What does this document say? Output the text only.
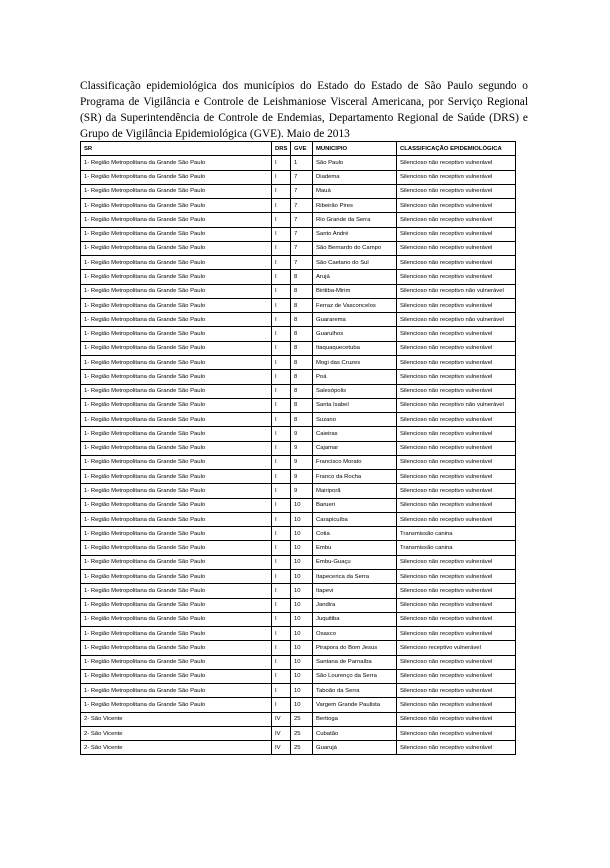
Classificação epidemiológica dos municípios do Estado do Estado de São Paulo segundo o Programa de Vigilância e Controle de Leishmaniose Visceral Americana, por Serviço Regional (SR) da Superintendência de Controle de Endemias, Departamento Regional de Saúde (DRS) e Grupo de Vigilância Epidemiológica (GVE). Maio de 2013

SR	DRS	GVE	MUNICIPIO	CLASSIFICAÇÃO EPIDEMIOLÓGICA
1- Região Metropolitana da Grande São Paulo	I	1	São Paulo	Silencioso não receptivo vulnerável
1- Região Metropolitana da Grande São Paulo	I	7	Diadema	Silencioso não receptivo vulnerável
1- Região Metropolitana da Grande São Paulo	I	7	Mauá	Silencioso não receptivo vulnerável
1- Região Metropolitana da Grande São Paulo	I	7	Ribeirão Pires	Silencioso não receptivo vulnerável
1- Região Metropolitana da Grande São Paulo	I	7	Rio Grande da Serra	Silencioso não receptivo vulnerável
1- Região Metropolitana da Grande São Paulo	I	7	Santo André	Silencioso não receptivo vulnerável
1- Região Metropolitana da Grande São Paulo	I	7	São Bernardo do Campo	Silencioso não receptivo vulnerável
1- Região Metropolitana da Grande São Paulo	I	7	São Caetano do Sul	Silencioso não receptivo vulnerável
1- Região Metropolitana da Grande São Paulo	I	8	Arujá	Silencioso não receptivo vulnerável
1- Região Metropolitana da Grande São Paulo	I	8	Biritiba-Mirim	Silencioso não receptivo não vulnerável
1- Região Metropolitana da Grande São Paulo	I	8	Ferraz de Vasconcelos	Silencioso não receptivo vulnerável
1- Região Metropolitana da Grande São Paulo	I	8	Guararema	Silencioso não receptivo não vulnerável
1- Região Metropolitana da Grande São Paulo	I	8	Guarulhos	Silencioso não receptivo vulnerável
1- Região Metropolitana da Grande São Paulo	I	8	Itaquaquecetuba	Silencioso não receptivo vulnerável
1- Região Metropolitana da Grande São Paulo	I	8	Mogi das Cruzes	Silencioso não receptivo vulnerável
1- Região Metropolitana da Grande São Paulo	I	8	Poá	Silencioso não receptivo vulnerável
1- Região Metropolitana da Grande São Paulo	I	8	Salesópolis	Silencioso não receptivo vulnerável
1- Região Metropolitana da Grande São Paulo	I	8	Santa Isabel	Silencioso não receptivo não vulnerável
1- Região Metropolitana da Grande São Paulo	I	8	Suzano	Silencioso não receptivo vulnerável
1- Região Metropolitana da Grande São Paulo	I	9	Caieiras	Silencioso não receptivo vulnerável
1- Região Metropolitana da Grande São Paulo	I	9	Cajamar	Silencioso não receptivo vulnerável
1- Região Metropolitana da Grande São Paulo	I	9	Francisco Morato	Silencioso não receptivo vulnerável
1- Região Metropolitana da Grande São Paulo	I	9	Franco da Rocha	Silencioso não receptivo vulnerável
1- Região Metropolitana da Grande São Paulo	I	9	Mairiporã	Silencioso não receptivo vulnerável
1- Região Metropolitana da Grande São Paulo	I	10	Barueri	Silencioso não receptivo vulnerável
1- Região Metropolitana da Grande São Paulo	I	10	Carapicuíba	Silencioso não receptivo vulnerável
1- Região Metropolitana da Grande São Paulo	I	10	Cotia	Transmissão canina
1- Região Metropolitana da Grande São Paulo	I	10	Embu	Transmissão canina
1- Região Metropolitana da Grande São Paulo	I	10	Embu-Guaçu	Silencioso não receptivo vulnerável
1- Região Metropolitana da Grande São Paulo	I	10	Itapecerica da Serra	Silencioso não receptivo vulnerável
1- Região Metropolitana da Grande São Paulo	I	10	Itapevi	Silencioso não receptivo vulnerável
1- Região Metropolitana da Grande São Paulo	I	10	Jandira	Silencioso não receptivo vulnerável
1- Região Metropolitana da Grande São Paulo	I	10	Juquitiba	Silencioso não receptivo vulnerável
1- Região Metropolitana da Grande São Paulo	I	10	Osasco	Silencioso não receptivo vulnerável
1- Região Metropolitana da Grande São Paulo	I	10	Pirapora do Bom Jesus	Silencioso receptivo vulnerável
1- Região Metropolitana da Grande São Paulo	I	10	Santana de Parnaíba	Silencioso não receptivo vulnerável
1- Região Metropolitana da Grande São Paulo	I	10	São Lourenço da Serra	Silencioso não receptivo vulnerável
1- Região Metropolitana da Grande São Paulo	I	10	Taboão da Serra	Silencioso não receptivo vulnerável
1- Região Metropolitana da Grande São Paulo	I	10	Vargem Grande Paulista	Silencioso não receptivo vulnerável
2- São Vicente	IV	25	Bertioga	Silencioso não receptivo vulnerável
2- São Vicente	IV	25	Cubatão	Silencioso não receptivo vulnerável
2- São Vicente	IV	25	Guarujá	Silencioso não receptivo vulnerável
